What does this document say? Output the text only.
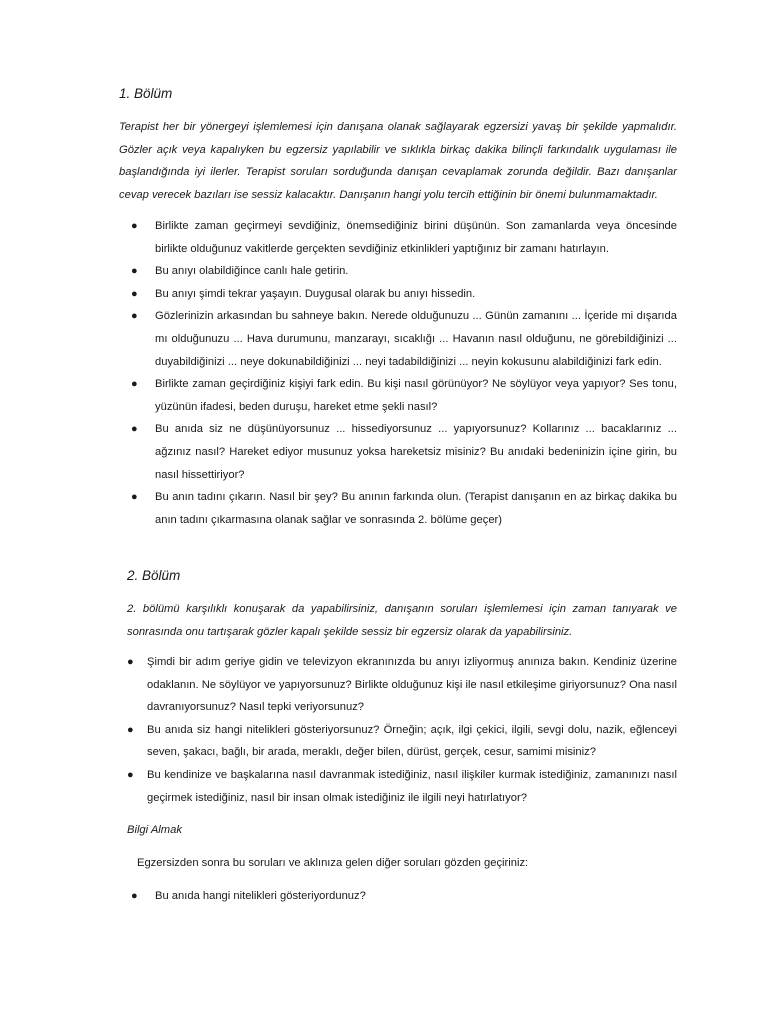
1. Bölüm
Terapist her bir yönergeyi işlemlemesi için danışana olanak sağlayarak egzersizi yavaş bir şekilde yapmalıdır. Gözler açık veya kapalıyken bu egzersiz yapılabilir ve sıklıkla birkaç dakika bilinçli farkındalık uygulaması ile başlandığında iyi ilerler. Terapist soruları sorduğunda danışan cevaplamak zorunda değildir. Bazı danışanlar cevap verecek bazıları ise sessiz kalacaktır. Danışanın hangi yolu tercih ettiğinin bir önemi bulunmamaktadır.
● Birlikte zaman geçirmeyi sevdiğiniz, önemsediğiniz birini düşünün. Son zamanlarda veya öncesinde birlikte olduğunuz vakitlerde gerçekten sevdiğiniz etkinlikleri yaptığınız bir zamanı hatırlayın.
● Bu anıyı olabildiğince canlı hale getirin.
● Bu anıyı şimdi tekrar yaşayın. Duygusal olarak bu anıyı hissedin.
● Gözlerinizin arkasından bu sahneye bakın. Nerede olduğunuzu ... Günün zamanını ... İçeride mi dışarıda mı olduğunuzu ... Hava durumunu, manzarayı, sıcaklığı ... Havanın nasıl olduğunu, ne görebildiğinizi ... duyabildiğinizi ... neye dokunabildiğinizi ... neyi tadabildiğinizi ... neyin kokusunu alabildiğinizi fark edin.
● Birlikte zaman geçirdiğiniz kişiyi fark edin. Bu kişi nasıl görünüyor? Ne söylüyor veya yapıyor? Ses tonu, yüzünün ifadesi, beden duruşu, hareket etme şekli nasıl?
● Bu anıda siz ne düşünüyorsunuz ... hissediyorsunuz ... yapıyorsunuz? Kollarınız ... bacaklarınız ... ağzınız nasıl? Hareket ediyor musunuz yoksa hareketsiz misiniz? Bu anıdaki bedeninizin içine girin, bu nasıl hissettiriyor?
● Bu anın tadını çıkarın. Nasıl bir şey? Bu anının farkında olun. (Terapist danışanın en az birkaç dakika bu anın tadını çıkarmasına olanak sağlar ve sonrasında 2. bölüme geçer)
2. Bölüm
2. bölümü karşılıklı konuşarak da yapabilirsiniz, danışanın soruları işlemlemesi için zaman tanıyarak ve sonrasında onu tartışarak gözler kapalı şekilde sessiz bir egzersiz olarak da yapabilirsiniz.
● Şimdi bir adım geriye gidin ve televizyon ekranınızda bu anıyı izliyormuş anınıza bakın. Kendiniz üzerine odaklanın. Ne söylüyor ve yapıyorsunuz? Birlikte olduğunuz kişi ile nasıl etkileşime giriyorsunuz? Ona nasıl davranıyorsunuz? Nasıl tepki veriyorsunuz?
● Bu anıda siz hangi nitelikleri gösteriyorsunuz? Örneğin; açık, ilgi çekici, ilgili, sevgi dolu, nazik, eğlenceyi seven, şakacı, bağlı, bir arada, meraklı, değer bilen, dürüst, gerçek, cesur, samimi misiniz?
● Bu kendinize ve başkalarına nasıl davranmak istediğiniz, nasıl ilişkiler kurmak istediğiniz, zamanınızı nasıl geçirmek istediğiniz, nasıl bir insan olmak istediğiniz ile ilgili neyi hatırlatıyor?
Bilgi Almak
Egzersizden sonra bu soruları ve aklınıza gelen diğer soruları gözden geçiriniz:
● Bu anıda hangi nitelikleri gösteriyordunuz?
